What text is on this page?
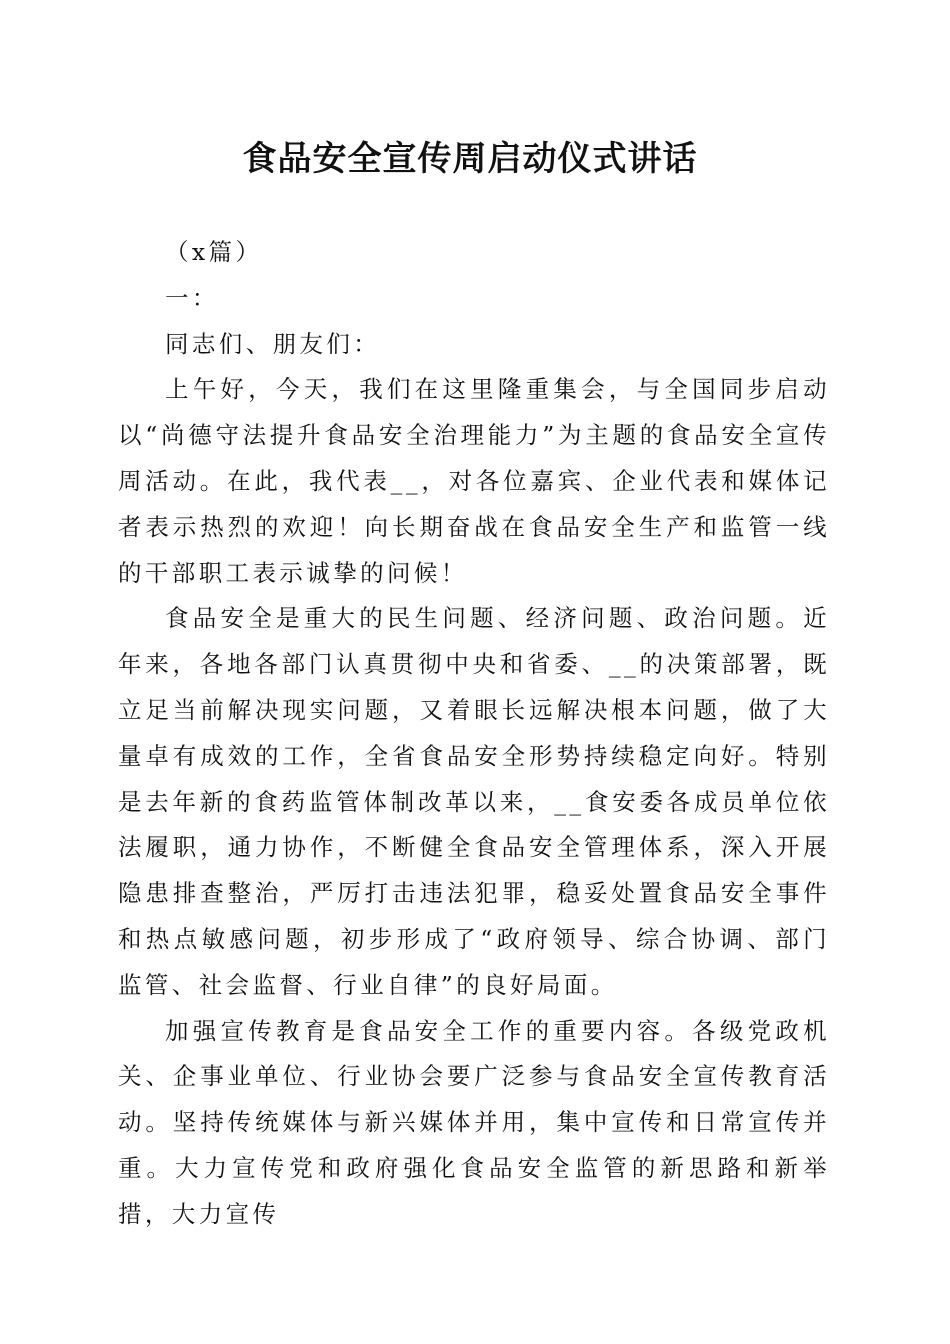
食品安全宣传周启动仪式讲话

（x篇）

一：

同志们、朋友们：

上午好，今天，我们在这里隆重集会，与全国同步启动以“尚德守法提升食品安全治理能力”为主题的食品安全宣传周活动。在此，我代表__，对各位嘉宾、企业代表和媒体记者表示热烈的欢迎！向长期奋战在食品安全生产和监管一线的干部职工表示诚挚的问候！

食品安全是重大的民生问题、经济问题、政治问题。近年来，各地各部门认真贯彻中央和省委、__的决策部署，既立足当前解决现实问题，又着眼长远解决根本问题，做了大量卓有成效的工作，全省食品安全形势持续稳定向好。特别是去年新的食药监管体制改革以来，__食安委各成员单位依法履职，通力协作，不断健全食品安全管理体系，深入开展隐患排查整治，严厉打击违法犯罪，稳妥处置食品安全事件和热点敏感问题，初步形成了“政府领导、综合协调、部门监管、社会监督、行业自律”的良好局面。

加强宣传教育是食品安全工作的重要内容。各级党政机关、企事业单位、行业协会要广泛参与食品安全宣传教育活动。坚持传统媒体与新兴媒体并用，集中宣传和日常宣传并重。大力宣传党和政府强化食品安全监管的新思路和新举措，大力宣传
